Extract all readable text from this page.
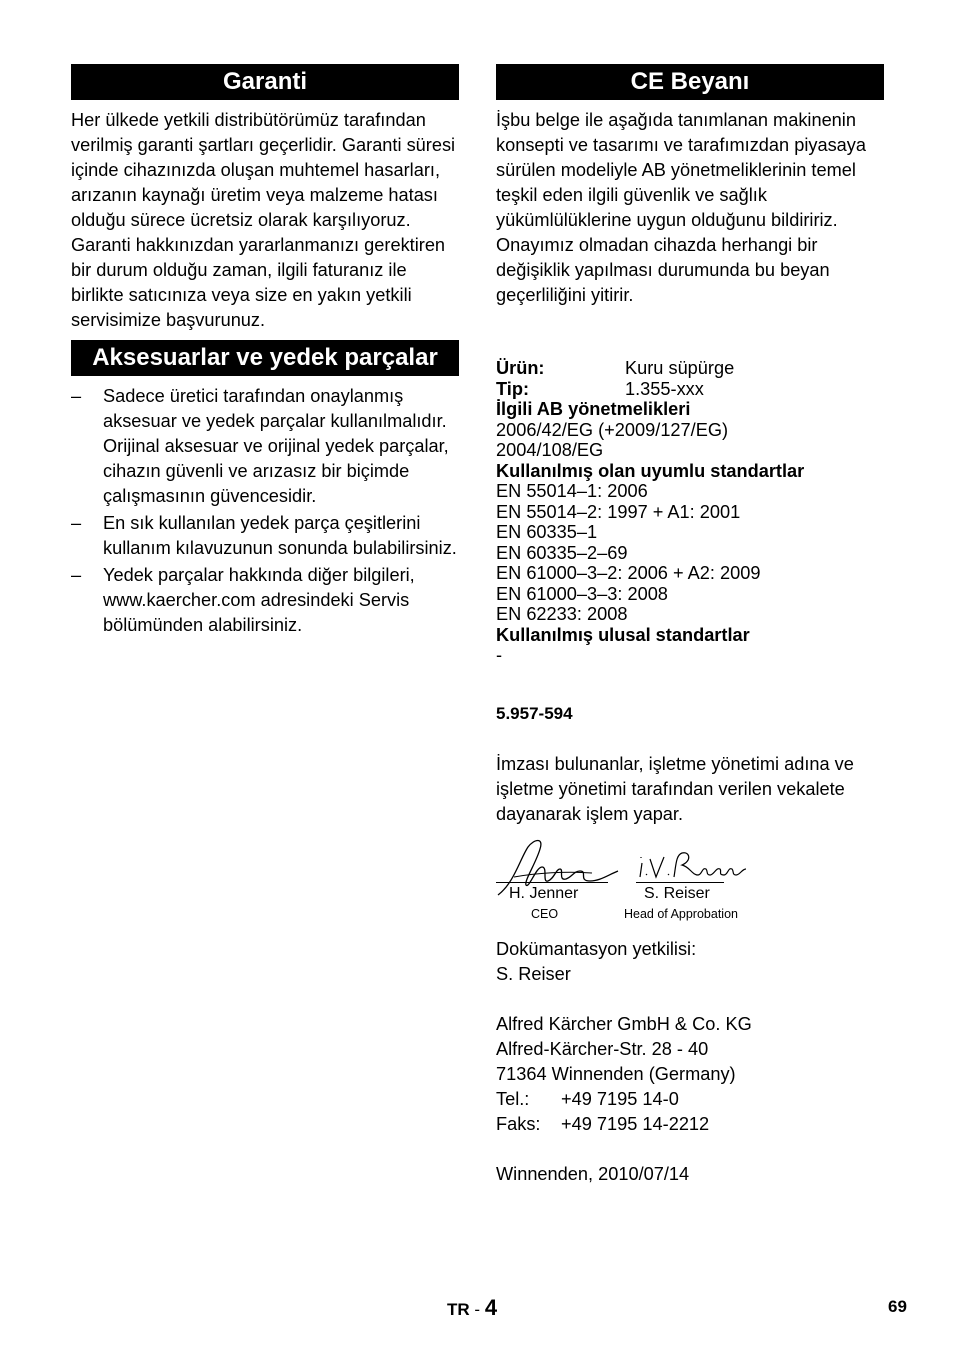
Garanti

Her ülkede yetkili distribütörümüz tarafından verilmiş garanti şartları geçerlidir. Garanti süresi içinde cihazınızda oluşan muhtemel hasarları, arızanın kaynağı üretim veya malzeme hatası olduğu sürece ücretsiz olarak karşılıyoruz. Garanti hakkınızdan yararlanmanızı gerektiren bir durum olduğu zaman, ilgili faturanız ile birlikte satıcınıza veya size en yakın yetkili servisimize başvurunuz.

Aksesuarlar ve yedek parçalar
– Sadece üretici tarafından onaylanmış aksesuar ve yedek parçalar kullanılmalıdır. Orijinal aksesuar ve orijinal yedek parçalar, cihazın güvenli ve arızasız bir biçimde çalışmasının güvencesidir.
– En sık kullanılan yedek parça çeşitlerini kullanım kılavuzunun sonunda bulabilirsiniz.
– Yedek parçalar hakkında diğer bilgileri, www.kaercher.com adresindeki Servis bölümünden alabilirsiniz.
CE Beyanı

İşbu belge ile aşağıda tanımlanan makinenin konsepti ve tasarımı ve tarafımızdan piyasaya sürülen modeliyle AB yönetmeliklerinin temel teşkil eden ilgili güvenlik ve sağlık yükümlülüklerine uygun olduğunu bildiririz. Onayımız olmadan cihazda herhangi bir değişiklik yapılması durumunda bu beyan geçerliliğini yitirir.

Ürün:	Kuru süpürge
Tip:	1.355-xxx
İlgili AB yönetmelikleri
2006/42/EG (+2009/127/EG)
2004/108/EG
Kullanılmış olan uyumlu standartlar
EN 55014–1: 2006
EN 55014–2: 1997 + A1: 2001
EN 60335–1
EN 60335–2–69
EN 61000–3–2: 2006 + A2: 2009
EN 61000–3–3: 2008
EN 62233: 2008
Kullanılmış ulusal standartlar
-
5.957-594

İmzası bulunanlar, işletme yönetimi adına ve işletme yönetimi tarafından verilen vekalete dayanarak işlem yapar.

H. Jenner
CEO
S. Reiser
Head of Approbation
Dokümantasyon yetkilisi:
S. Reiser
Alfred Kärcher GmbH & Co. KG
Alfred-Kärcher-Str. 28 - 40
71364 Winnenden (Germany)
Tel.:	+49 7195 14-0
Faks:	+49 7195 14-2212
Winnenden, 2010/07/14
TR - 4	69
